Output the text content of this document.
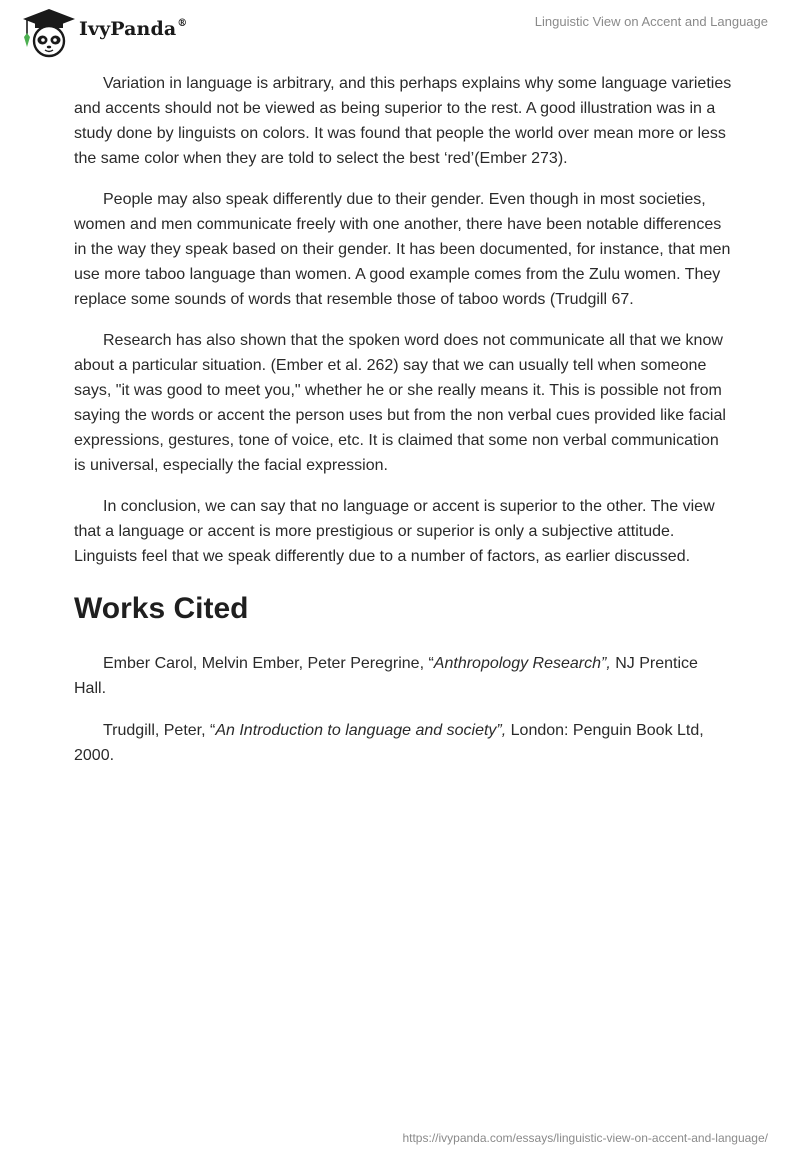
IvyPanda®	Linguistic View on Accent and Language

Variation in language is arbitrary, and this perhaps explains why some language varieties and accents should not be viewed as being superior to the rest. A good illustration was in a study done by linguists on colors. It was found that people the world over mean more or less the same color when they are told to select the best ‘red’(Ember 273).

People may also speak differently due to their gender. Even though in most societies, women and men communicate freely with one another, there have been notable differences in the way they speak based on their gender. It has been documented, for instance, that men use more taboo language than women. A good example comes from the Zulu women. They replace some sounds of words that resemble those of taboo words (Trudgill 67.

Research has also shown that the spoken word does not communicate all that we know about a particular situation. (Ember et al. 262) say that we can usually tell when someone says, "it was good to meet you," whether he or she really means it. This is possible not from saying the words or accent the person uses but from the non verbal cues provided like facial expressions, gestures, tone of voice, etc. It is claimed that some non verbal communication is universal, especially the facial expression.

In conclusion, we can say that no language or accent is superior to the other. The view that a language or accent is more prestigious or superior is only a subjective attitude. Linguists feel that we speak differently due to a number of factors, as earlier discussed.

Works Cited

Ember Carol, Melvin Ember, Peter Peregrine, “Anthropology Research”, NJ Prentice Hall.

Trudgill, Peter, “An Introduction to language and society”, London: Penguin Book Ltd, 2000.

https://ivypanda.com/essays/linguistic-view-on-accent-and-language/
